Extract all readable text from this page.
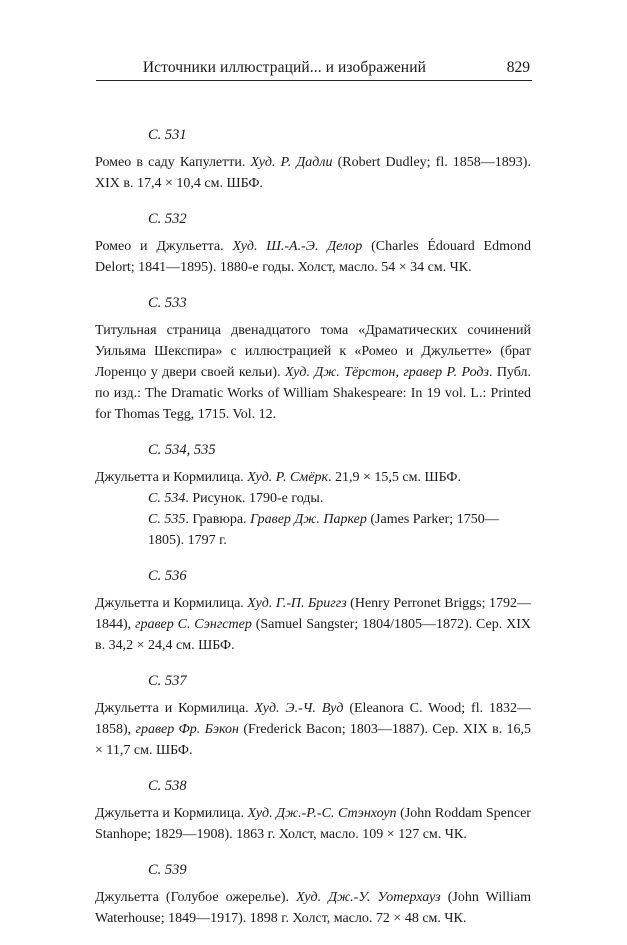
Источники иллюстраций... и изображений	829
С. 531

Ромео в саду Капулетти. Худ. Р. Дадли (Robert Dudley; fl. 1858—1893). XIX в. 17,4 × 10,4 см. ШБФ.

С. 532

Ромео и Джульетта. Худ. Ш.-А.-Э. Делор (Charles Édouard Edmond Delort; 1841—1895). 1880-е годы. Холст, масло. 54 × 34 см. ЧК.

С. 533

Титульная страница двенадцатого тома «Драматических сочинений Уильяма Шекспира» с иллюстрацией к «Ромео и Джульетте» (брат Лоренцо у двери своей кельи). Худ. Дж. Тёрстон, гравер Р. Родз. Публ. по изд.: The Dramatic Works of William Shakespeare: In 19 vol. L.: Printed for Thomas Tegg, 1715. Vol. 12.

С. 534, 535

Джульетта и Кормилица. Худ. Р. Смёрк. 21,9 × 15,5 см. ШБФ.

С. 534. Рисунок. 1790-е годы.

С. 535. Гравюра. Гравер Дж. Паркер (James Parker; 1750—1805). 1797 г.

С. 536

Джульетта и Кормилица. Худ. Г.-П. Бриггз (Henry Perronet Briggs; 1792—1844), гравер С. Сэнгстер (Samuel Sangster; 1804/1805—1872). Сер. XIX в. 34,2 × 24,4 см. ШБФ.

С. 537

Джульетта и Кормилица. Худ. Э.-Ч. Вуд (Eleanora C. Wood; fl. 1832—1858), гравер Фр. Бэкон (Frederick Bacon; 1803—1887). Сер. XIX в. 16,5 × 11,7 см. ШБФ.

С. 538

Джульетта и Кормилица. Худ. Дж.-Р.-С. Стэнхоуп (John Roddam Spencer Stanhope; 1829—1908). 1863 г. Холст, масло. 109 × 127 см. ЧК.

С. 539

Джульетта (Голубое ожерелье). Худ. Дж.-У. Уотерхауз (John William Waterhouse; 1849—1917). 1898 г. Холст, масло. 72 × 48 см. ЧК.
